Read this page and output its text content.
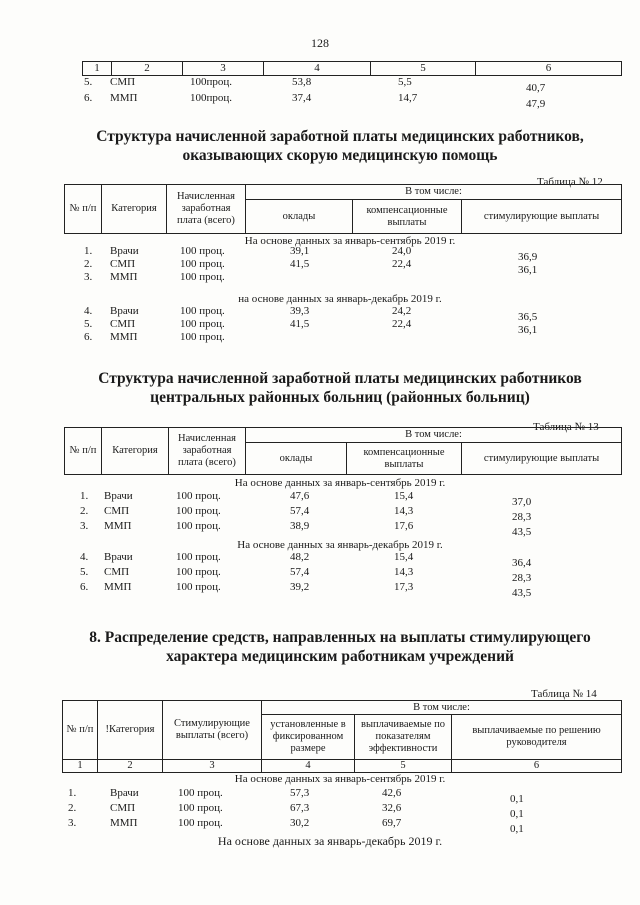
128
1	2	3	4	5	6
5. СМП	100проц.	53,8	5,5	40,7
6. ММП	100проц.	37,4	14,7	47,9
Структура начисленной заработной платы медицинских работников,
оказывающих скорую медицинскую помощь
Таблица № 12
№ п/п	Категория	Начисленная заработная плата (всего)	В том числе:		
			оклады	компенсационные выплаты	стимулирующие выплаты
На основе данных за январь-сентябрь 2019 г.
1. Врачи	100 проц.	39,1	24,0	36,9
2. СМП	100 проц.	41,5	22,4	36,1
3. ММП	100 проц.
на основе данных за январь-декабрь 2019 г.
4. Врачи	100 проц.	39,3	24,2	36,5
5. СМП	100 проц.	41,5	22,4	36,1
6. ММП	100 проц.
Структура начисленной заработной платы медицинских работников
центральных районных больниц (районных больниц)
Таблица № 13
№ п/п	Категория	Начисленная заработная плата (всего)	В том числе:		
			оклады	компенсационные выплаты	стимулирующие выплаты
На основе данных за январь-сентябрь 2019 г.
1. Врачи	100 проц.	47,6	15,4	37,0
2. СМП	100 проц.	57,4	14,3	28,3
3. ММП	100 проц.	38,9	17,6	43,5
На основе данных за январь-декабрь 2019 г.
4. Врачи	100 проц.	48,2	15,4	36,4
5. СМП	100 проц.	57,4	14,3	28,3
6. ММП	100 проц.	39,2	17,3	43,5
8. Распределение средств, направленных на выплаты стимулирующего
характера медицинским работникам учреждений
Таблица № 14
№ п/п	!Категория	Стимулирующие выплаты (всего)	В том числе:		
			установленные в фиксированном размере	выплачиваемые по показателям эффективности	выплачиваемые по решению руководителя
1	2	3	4	5	6
На основе данных за январь-сентябрь 2019 г.
1.	Врачи	100 проц.	57,3	42,6	0,1
2.	СМП	100 проц.	67,3	32,6	0,1
3.	ММП	100 проц.	30,2	69,7	0,1
На основе данных за январь-декабрь 2019 г.
